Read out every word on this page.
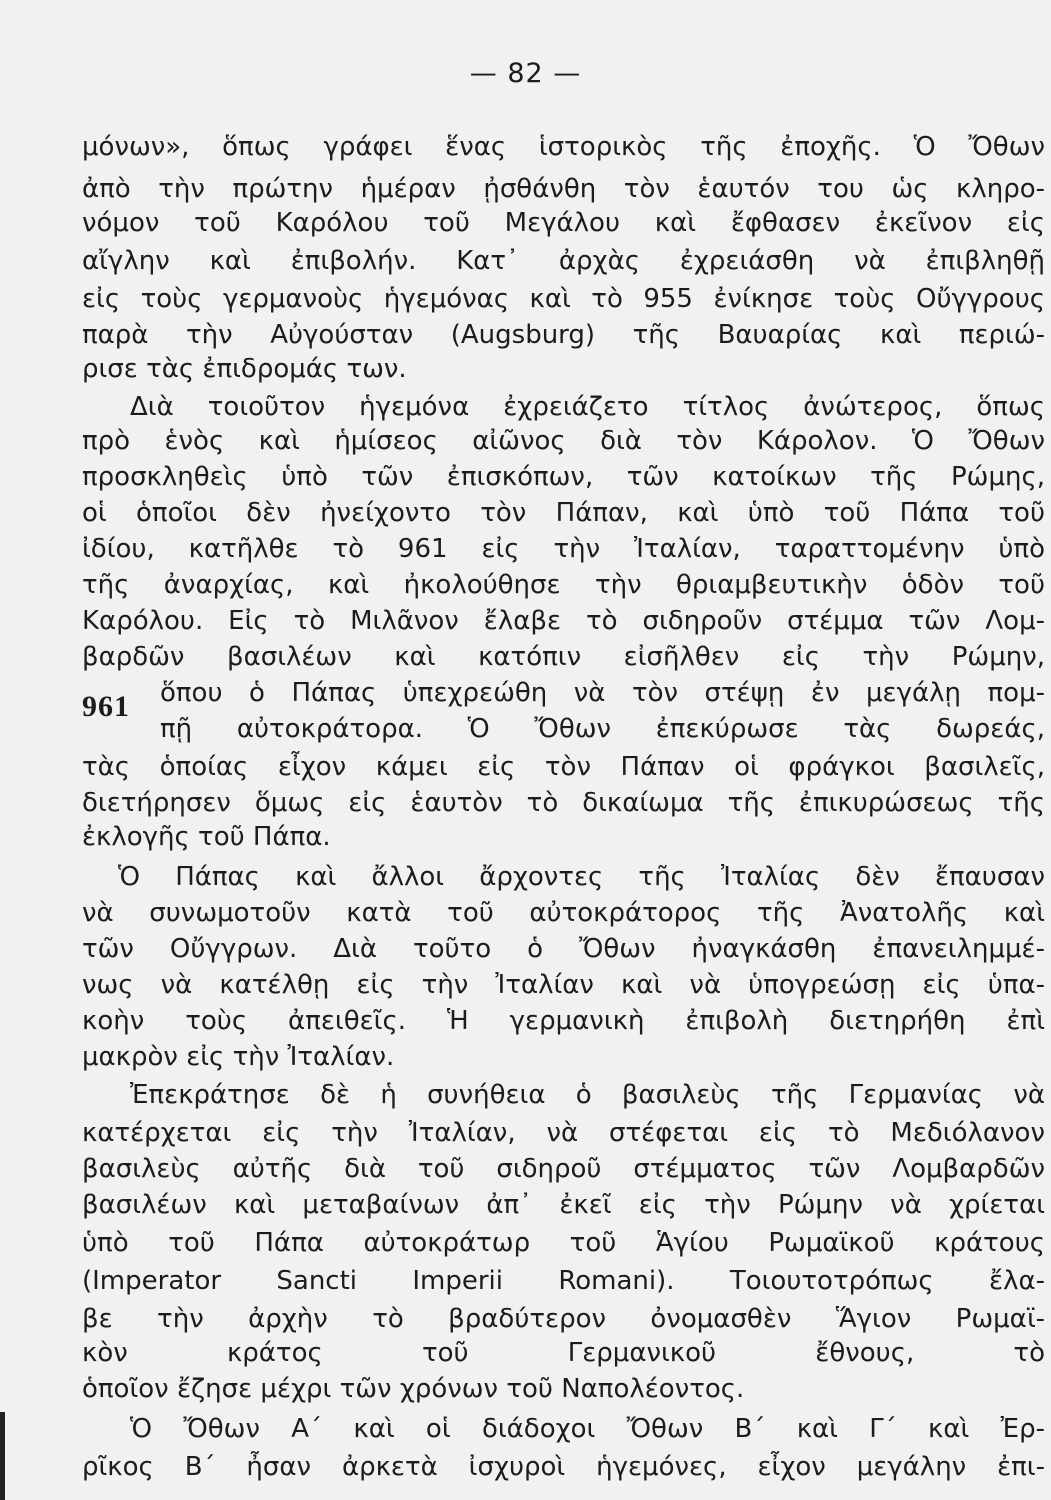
— 82 —
μόνων», ὅπως γράφει ἕνας ἱστορικὸς τῆς ἐποχῆς. Ὁ Ὄθων
ἀπὸ τὴν πρώτην ἡμέραν ᾐσθάνθη τὸν ἑαυτόν του ὡς κληρο-
νόμον τοῦ Καρόλου τοῦ Μεγάλου καὶ ἔφθασεν ἐκεῖνον εἰς
αἴγλην καὶ ἐπιβολήν. Κατ᾽ ἀρχὰς ἐχρειάσθη νὰ ἐπιβληθῇ
εἰς τοὺς γερμανοὺς ἡγεμόνας καὶ τὸ 955 ἐνίκησε τοὺς Οὔγγρους
παρὰ τὴν Αὐγούσταν (Augsburg) τῆς Βαυαρίας καὶ περιώ-
ρισε τὰς ἐπιδρομάς των.
Διὰ τοιοῦτον ἡγεμόνα ἐχρειάζετο τίτλος ἀνώτερος, ὅπως
πρὸ ἑνὸς καὶ ἡμίσεος αἰῶνος διὰ τὸν Κάρολον. Ὁ Ὄθων
προσκληθεὶς ὑπὸ τῶν ἐπισκόπων, τῶν κατοίκων τῆς Ρώμης,
οἱ ὁποῖοι δὲν ἠνείχοντο τὸν Πάπαν, καὶ ὑπὸ τοῦ Πάπα τοῦ
ἰδίου, κατῆλθε τὸ 961 εἰς τὴν Ἰταλίαν, ταραττομένην ὑπὸ
τῆς ἀναρχίας, καὶ ἠκολούθησε τὴν θριαμβευτικὴν ὁδὸν τοῦ
Καρόλου. Εἰς τὸ Μιλᾶνον ἔλαβε τὸ σιδηροῦν στέμμα τῶν Λομ-
βαρδῶν βασιλέων καὶ κατόπιν εἰσῆλθεν εἰς τὴν Ρώμην,
ὅπου ὁ Πάπας ὑπεχρεώθη νὰ τὸν στέψῃ ἐν μεγάλῃ πομ-
πῇ αὐτοκράτορα. Ὁ Ὄθων ἐπεκύρωσε τὰς δωρεάς,
τὰς ὁποίας εἶχον κάμει εἰς τὸν Πάπαν οἱ φράγκοι βασιλεῖς,
διετήρησεν ὅμως εἰς ἑαυτὸν τὸ δικαίωμα τῆς ἐπικυρώσεως τῆς
ἐκλογῆς τοῦ Πάπα.
Ὁ Πάπας καὶ ἄλλοι ἄρχοντες τῆς Ἰταλίας δὲν ἔπαυσαν
νὰ συνωμοτοῦν κατὰ τοῦ αὐτοκράτορος τῆς Ἀνατολῆς καὶ
τῶν Οὔγγρων. Διὰ τοῦτο ὁ Ὄθων ἠναγκάσθη ἐπανειλημμέ-
νως νὰ κατέλθῃ εἰς τὴν Ἰταλίαν καὶ νὰ ὑπογρεώσῃ εἰς ὑπα-
κοὴν τοὺς ἀπειθεῖς. Ἡ γερμανικὴ ἐπιβολὴ διετηρήθη ἐπὶ
μακρὸν εἰς τὴν Ἰταλίαν.
Ἐπεκράτησε δὲ ἡ συνήθεια ὁ βασιλεὺς τῆς Γερμανίας νὰ
κατέρχεται εἰς τὴν Ἰταλίαν, νὰ στέφεται εἰς τὸ Μεδιόλανον
βασιλεὺς αὐτῆς διὰ τοῦ σιδηροῦ στέμματος τῶν Λομβαρδῶν
βασιλέων καὶ μεταβαίνων ἀπ᾽ ἐκεῖ εἰς τὴν Ρώμην νὰ χρίεται
ὑπὸ τοῦ Πάπα αὐτοκράτωρ τοῦ Ἁγίου Ρωμαϊκοῦ κράτους
(Imperator Sancti Imperii Romani). Τοιουτοτρόπως ἔλα-
βε τὴν ἀρχὴν τὸ βραδύτερον ὀνομασθὲν Ἅγιον Ρωμαϊ-
κὸν κράτος τοῦ Γερμανικοῦ ἔθνους, τὸ
ὁποῖον ἔζησε μέχρι τῶν χρόνων τοῦ Ναπολέοντος.
Ὁ Ὄθων Α΄ καὶ οἱ διάδοχοι Ὄθων Β΄ καὶ Γ΄ καὶ Ἐρ-
ρῖκος Β΄ ἦσαν ἀρκετὰ ἰσχυροὶ ἡγεμόνες, εἶχον μεγάλην ἐπι-
961
